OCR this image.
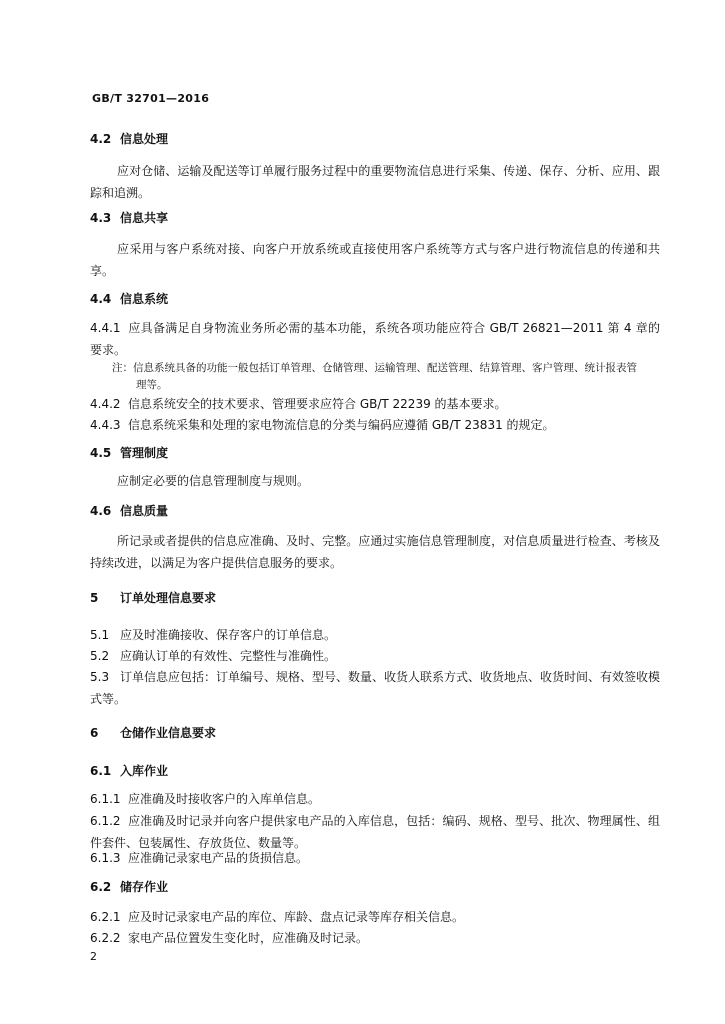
GB/T 32701—2016
4.2 信息处理
应对仓储、运输及配送等订单履行服务过程中的重要物流信息进行采集、传递、保存、分析、应用、跟踪和追溯。
4.3 信息共享
应采用与客户系统对接、向客户开放系统或直接使用客户系统等方式与客户进行物流信息的传递和共享。
4.4 信息系统
4.4.1 应具备满足自身物流业务所必需的基本功能，系统各项功能应符合 GB/T 26821—2011 第 4 章的要求。
注：信息系统具备的功能一般包括订单管理、仓储管理、运输管理、配送管理、结算管理、客户管理、统计报表管
理等。
4.4.2 信息系统安全的技术要求、管理要求应符合 GB/T 22239 的基本要求。
4.4.3 信息系统采集和处理的家电物流信息的分类与编码应遵循 GB/T 23831 的规定。
4.5 管理制度
应制定必要的信息管理制度与规则。
4.6 信息质量
所记录或者提供的信息应准确、及时、完整。应通过实施信息管理制度，对信息质量进行检查、考核及持续改进，以满足为客户提供信息服务的要求。
5 订单处理信息要求
5.1 应及时准确接收、保存客户的订单信息。
5.2 应确认订单的有效性、完整性与准确性。
5.3 订单信息应包括：订单编号、规格、型号、数量、收货人联系方式、收货地点、收货时间、有效签收模式等。
6 仓储作业信息要求
6.1 入库作业
6.1.1 应准确及时接收客户的入库单信息。
6.1.2 应准确及时记录并向客户提供家电产品的入库信息，包括：编码、规格、型号、批次、物理属性、组件套件、包装属性、存放货位、数量等。
6.1.3 应准确记录家电产品的货损信息。
6.2 储存作业
6.2.1 应及时记录家电产品的库位、库龄、盘点记录等库存相关信息。
6.2.2 家电产品位置发生变化时，应准确及时记录。
2
